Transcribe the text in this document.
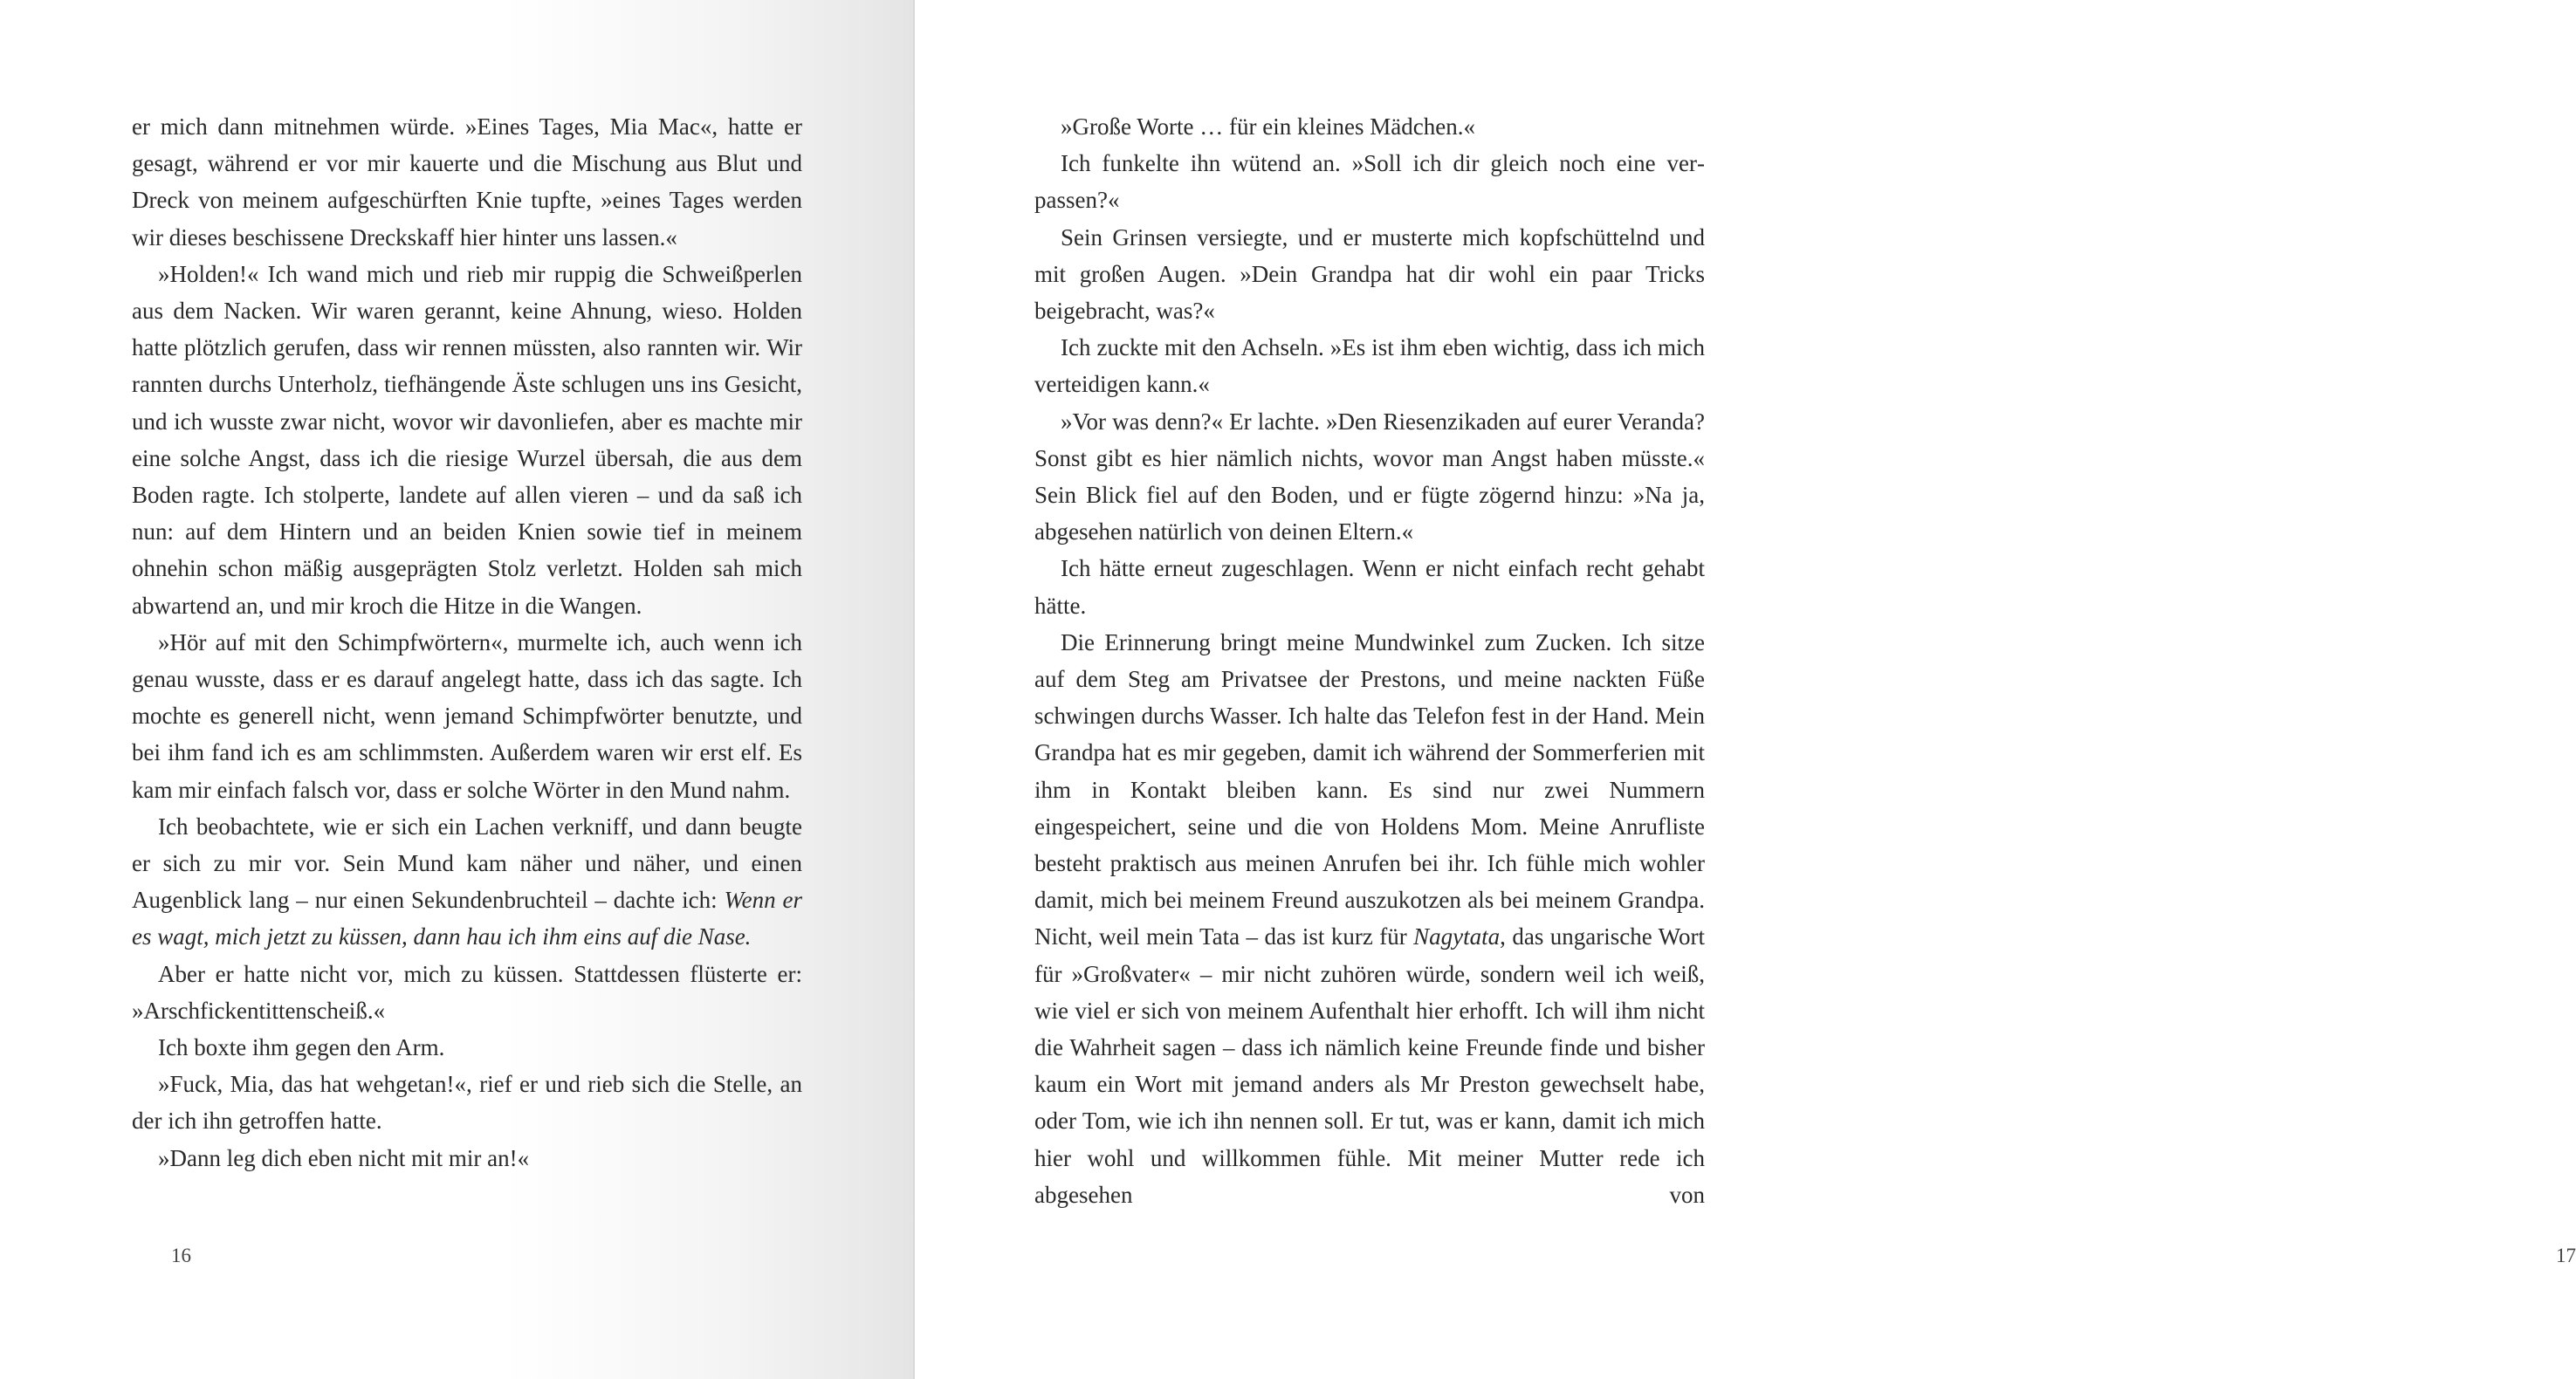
er mich dann mitnehmen würde. »Eines Tages, Mia Mac«, hatte er gesagt, während er vor mir kauerte und die Mischung aus Blut und Dreck von meinem aufgeschürften Knie tupfte, »eines Tages werden wir dieses beschissene Dreckskaff hier hinter uns lassen.«

»Holden!« Ich wand mich und rieb mir ruppig die Schweißperlen aus dem Nacken. Wir waren gerannt, keine Ahnung, wieso. Holden hatte plötzlich gerufen, dass wir rennen müssten, also rannten wir. Wir rannten durchs Unterholz, tiefhängende Äste schlugen uns ins Gesicht, und ich wusste zwar nicht, wovor wir davonliefen, aber es machte mir eine solche Angst, dass ich die riesige Wurzel übersah, die aus dem Boden ragte. Ich stolperte, landete auf allen vieren – und da saß ich nun: auf dem Hintern und an beiden Knien sowie tief in meinem ohnehin schon mäßig ausgeprägten Stolz verletzt. Holden sah mich abwartend an, und mir kroch die Hitze in die Wangen.

»Hör auf mit den Schimpfwörtern«, murmelte ich, auch wenn ich genau wusste, dass er es darauf angelegt hatte, dass ich das sagte. Ich mochte es generell nicht, wenn jemand Schimpfwörter benutzte, und bei ihm fand ich es am schlimmsten. Außerdem waren wir erst elf. Es kam mir einfach falsch vor, dass er solche Wörter in den Mund nahm.

Ich beobachtete, wie er sich ein Lachen verkniff, und dann beugte er sich zu mir vor. Sein Mund kam näher und näher, und einen Augenblick lang – nur einen Sekundenbruchteil – dachte ich: Wenn er es wagt, mich jetzt zu küssen, dann hau ich ihm eins auf die Nase.

Aber er hatte nicht vor, mich zu küssen. Stattdessen flüsterte er: »Arschfickentittenscheiß.«

Ich boxte ihm gegen den Arm.

»Fuck, Mia, das hat wehgetan!«, rief er und rieb sich die Stelle, an der ich ihn getroffen hatte.

»Dann leg dich eben nicht mit mir an!«

16

»Große Worte … für ein kleines Mädchen.«

Ich funkelte ihn wütend an. »Soll ich dir gleich noch eine verpassen?«

Sein Grinsen versiegte, und er musterte mich kopfschüttelnd und mit großen Augen. »Dein Grandpa hat dir wohl ein paar Tricks beigebracht, was?«

Ich zuckte mit den Achseln. »Es ist ihm eben wichtig, dass ich mich verteidigen kann.«

»Vor was denn?« Er lachte. »Den Riesenzikaden auf eurer Veranda? Sonst gibt es hier nämlich nichts, wovor man Angst haben müsste.« Sein Blick fiel auf den Boden, und er fügte zögernd hinzu: »Na ja, abgesehen natürlich von deinen Eltern.«

Ich hätte erneut zugeschlagen. Wenn er nicht einfach recht gehabt hätte.

Die Erinnerung bringt meine Mundwinkel zum Zucken. Ich sitze auf dem Steg am Privatsee der Prestons, und meine nackten Füße schwingen durchs Wasser. Ich halte das Telefon fest in der Hand. Mein Grandpa hat es mir gegeben, damit ich während der Sommerferien mit ihm in Kontakt bleiben kann. Es sind nur zwei Nummern eingespeichert, seine und die von Holdens Mom. Meine Anrufliste besteht praktisch aus meinen Anrufen bei ihr. Ich fühle mich wohler damit, mich bei meinem Freund auszukotzen als bei meinem Grandpa. Nicht, weil mein Tata – das ist kurz für Nagytata, das ungarische Wort für »Großvater« – mir nicht zuhören würde, sondern weil ich weiß, wie viel er sich von meinem Aufenthalt hier erhofft. Ich will ihm nicht die Wahrheit sagen – dass ich nämlich keine Freunde finde und bisher kaum ein Wort mit jemand anders als Mr Preston gewechselt habe, oder Tom, wie ich ihn nennen soll. Er tut, was er kann, damit ich mich hier wohl und willkommen fühle. Mit meiner Mutter rede ich abgesehen von

17
